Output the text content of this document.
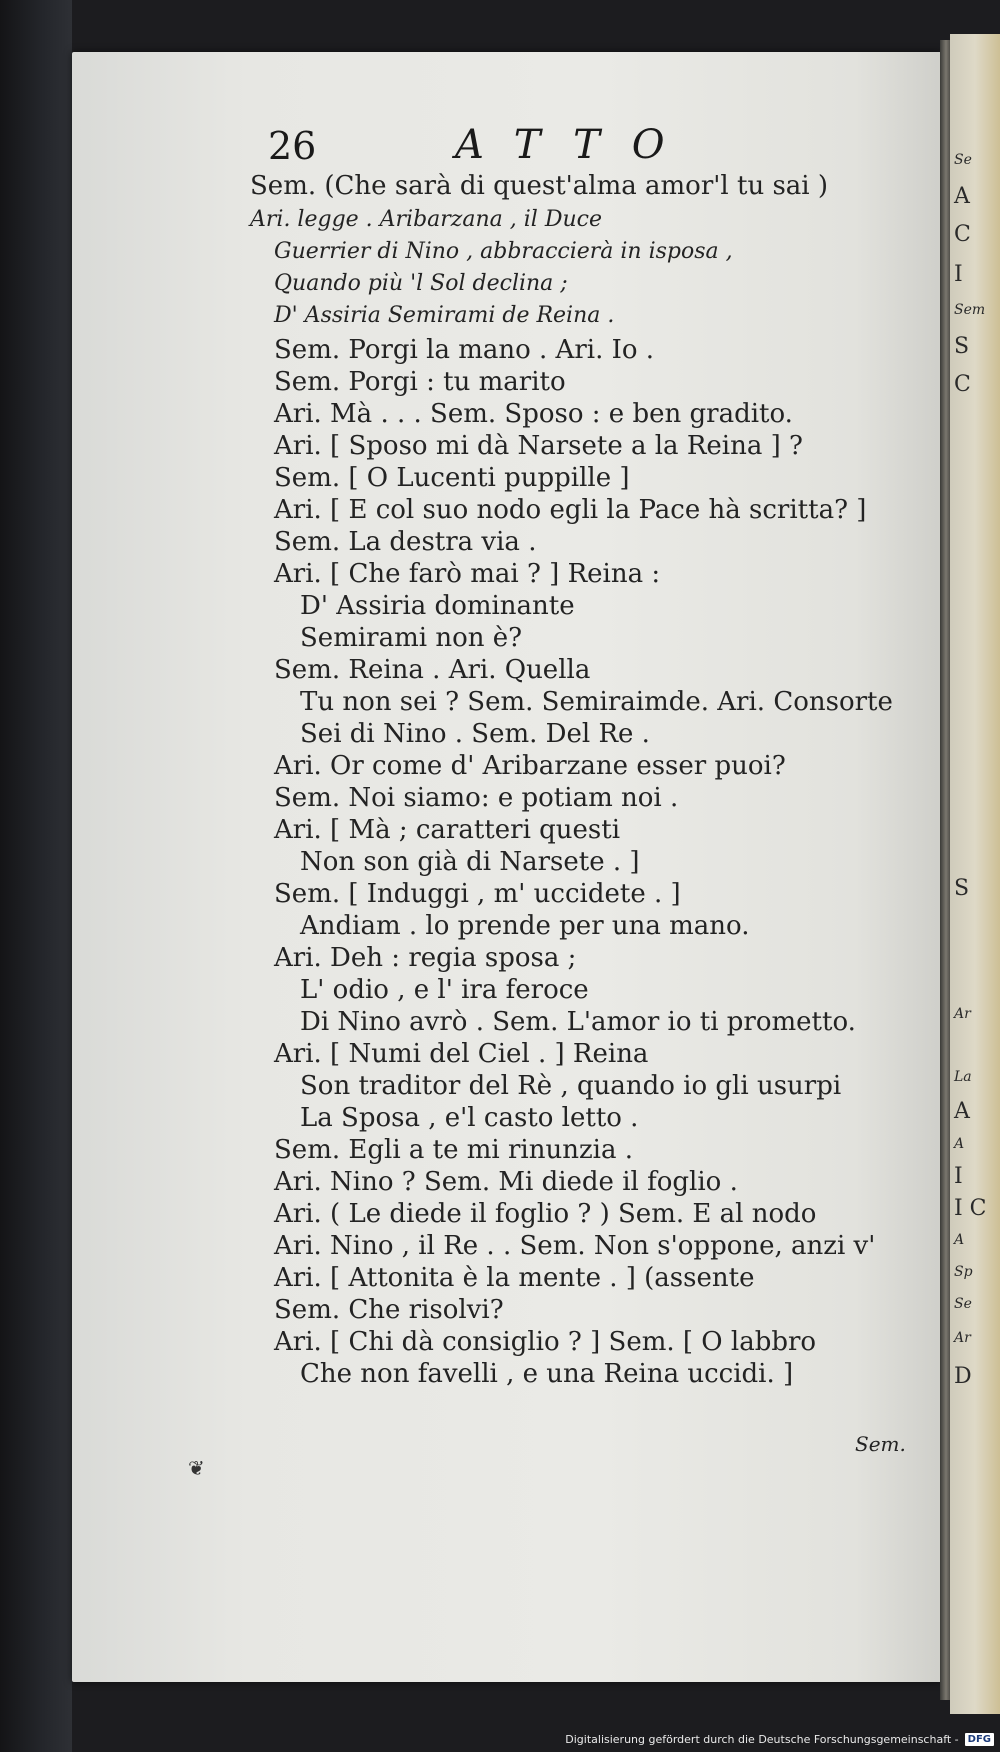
Se
A
C
I
Sem
S
C
S
Ar
La
A
A
I
I C
A
Sp
Se
Ar
D
26	ATTO
Sem. (Che sarà di quest'alma amor'l tu sai )
Ari. legge . Aribarzana , il Duce
Guerrier di Nino , abbraccierà in isposa ,
Quando più 'l Sol declina ;
D' Assiria Semirami de Reina .
Sem. Porgi la mano . Ari. Io .
Sem. Porgi : tu marito
Ari. Mà . . . Sem. Sposo : e ben gradito.
Ari. [ Sposo mi dà Narsete a la Reina ] ?
Sem. [ O Lucenti puppille ]
Ari. [ E col suo nodo egli la Pace hà scritta? ]
Sem. La destra via .
Ari. [ Che farò mai ? ] Reina :
D' Assiria dominante
Semirami non è?
Sem. Reina . Ari. Quella
Tu non sei ? Sem. Semiraimde. Ari. Consorte
Sei di Nino . Sem. Del Re .
Ari. Or come d' Aribarzane esser puoi?
Sem. Noi siamo: e potiam noi .
Ari. [ Mà ; caratteri questi
Non son già di Narsete . ]
Sem. [ Induggi , m' uccidete . ]
Andiam . lo prende per una mano.
Ari. Deh : regia sposa ;
L' odio , e l' ira feroce
Di Nino avrò . Sem. L'amor io ti prometto.
Ari. [ Numi del Ciel . ] Reina
Son traditor del Rè , quando io gli usurpi
La Sposa , e'l casto letto .
Sem. Egli a te mi rinunzia .
Ari. Nino ? Sem. Mi diede il foglio .
Ari. ( Le diede il foglio ? ) Sem. E al nodo
Ari. Nino , il Re . . Sem. Non s'oppone, anzi v'
Ari. [ Attonita è la mente . ] (assente
Sem. Che risolvi?
Ari. [ Chi dà consiglio ? ] Sem. [ O labbro
Che non favelli , e una Reina uccidi. ]
Sem.
❦
Digitalisierung gefördert durch die Deutsche Forschungsgemeinschaft - DFG
